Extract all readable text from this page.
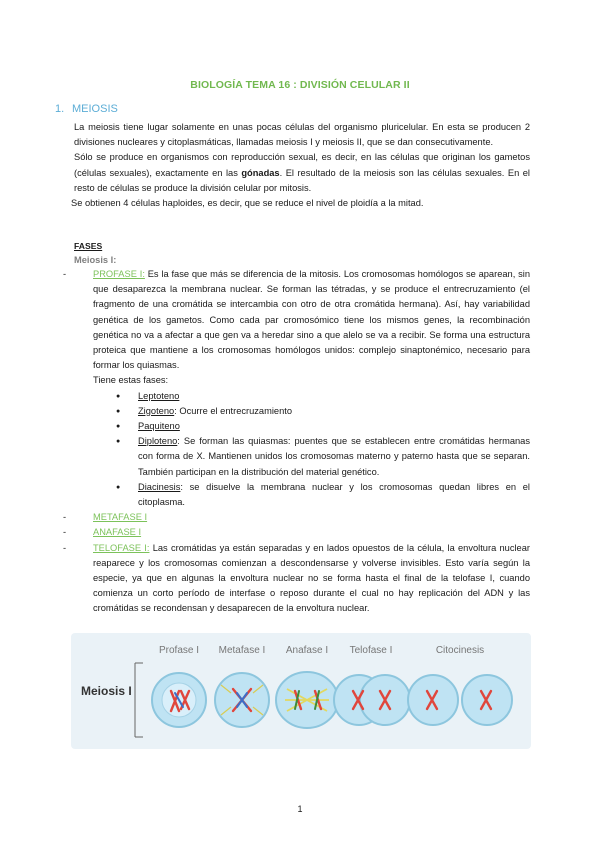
BIOLOGÍA TEMA 16 : DIVISIÓN CELULAR II
1. MEIOSIS

La meiosis tiene lugar solamente en unas pocas células del organismo pluricelular. En esta se producen 2 divisiones nucleares y citoplasmáticas, llamadas meiosis I y meiosis II, que se dan consecutivamente.

Sólo se produce en organismos con reproducción sexual, es decir, en las células que originan los gametos (células sexuales), exactamente en las gónadas. El resultado de la meiosis son las células sexuales. En el resto de células se produce la división celular por mitosis.

Se obtienen 4 células haploides, es decir, que se reduce el nivel de ploidía a la mitad.

FASES
Meiosis I:
-	PROFASE I: Es la fase que más se diferencia de la mitosis. Los cromosomas homólogos se aparean, sin que desaparezca la membrana nuclear. Se forman las tétradas, y se produce el entrecruzamiento (el fragmento de una cromátida se intercambia con otro de otra cromátida hermana). Así, hay variabilidad genética de los gametos. Como cada par cromosómico tiene los mismos genes, la recombinación genética no va a afectar a que gen va a heredar sino a que alelo se va a recibir. Se forma una estructura proteica que mantiene a los cromosomas homólogos unidos: complejo sinaptonémico, necesario para formar los quiasmas.

Tiene estas fases:

● Leptoteno

● Zigoteno: Ocurre el entrecruzamiento

● Paquiteno

● Diploteno: Se forman las quiasmas: puentes que se establecen entre cromátidas hermanas con forma de X. Mantienen unidos los cromosomas materno y paterno hasta que se separan. También participan en la distribución del material genético.

● Diacinesis: se disuelve la membrana nuclear y los cromosomas quedan libres en el citoplasma.

-	METAFASE I
-	ANAFASE I
-	TELOFASE I: Las cromátidas ya están separadas y en lados opuestos de la célula, la envoltura nuclear reaparece y los cromosomas comienzan a descondensarse y volverse invisibles. Esto varía según la especie, ya que en algunas la envoltura nuclear no se forma hasta el final de la telofase I, cuando comienza un corto período de interfase o reposo durante el cual no hay replicación del ADN y las cromátidas se recondensan y desaparecen de la envoltura nuclear.

Meiosis I
Profase I Metafase I Anafase I Telofase I	Citocinesis
1
